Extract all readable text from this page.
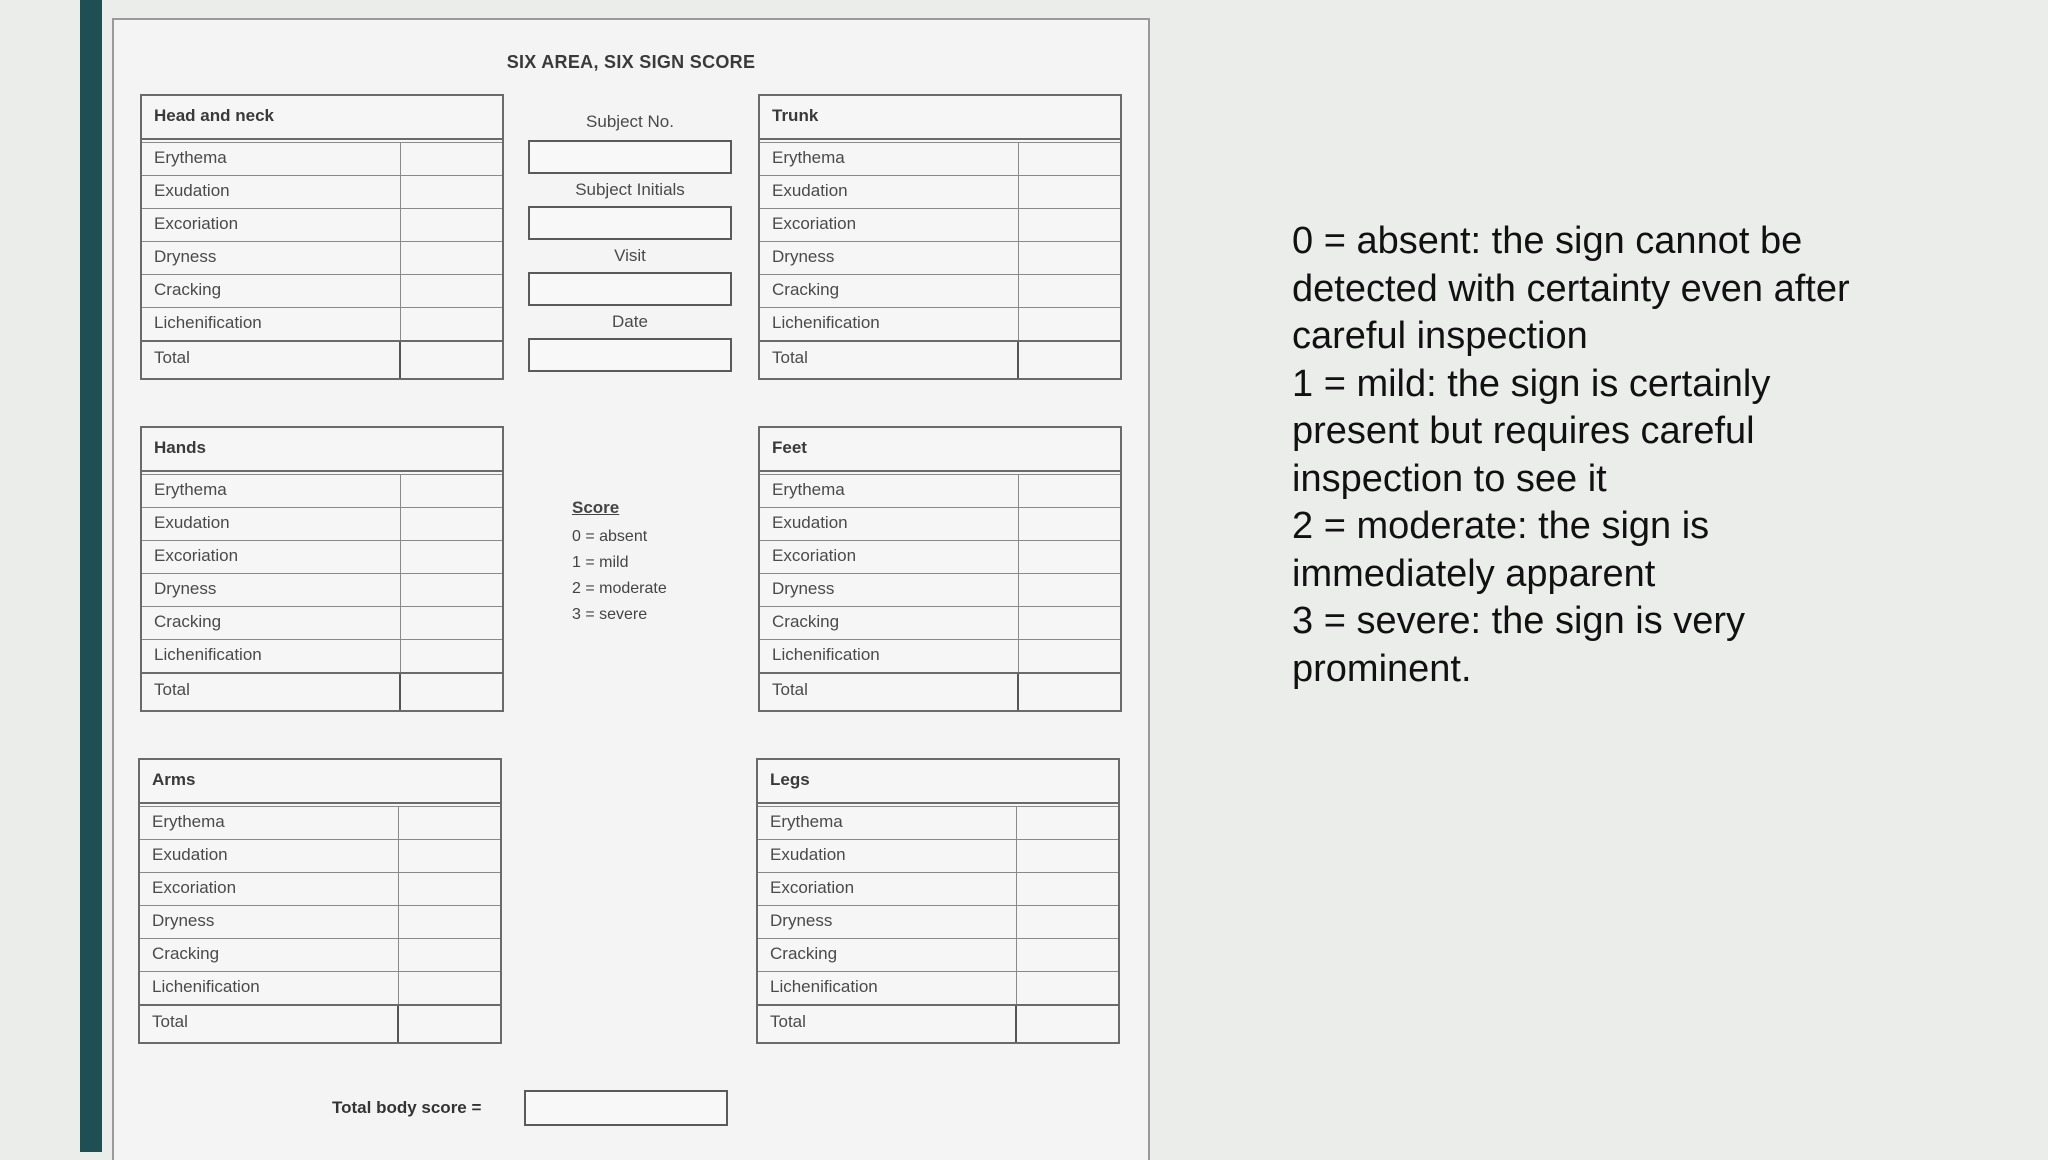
SIX AREA, SIX SIGN SCORE
Head and neck
Erythema
Exudation
Excoriation
Dryness
Cracking
Lichenification
Total
Trunk
Erythema
Exudation
Excoriation
Dryness
Cracking
Lichenification
Total
Subject No.
Subject Initials
Visit
Date
Hands
Erythema
Exudation
Excoriation
Dryness
Cracking
Lichenification
Total
Score
0 = absent
1 = mild
2 = moderate
3 = severe
Feet
Erythema
Exudation
Excoriation
Dryness
Cracking
Lichenification
Total
Arms
Erythema
Exudation
Excoriation
Dryness
Cracking
Lichenification
Total
Legs
Erythema
Exudation
Excoriation
Dryness
Cracking
Lichenification
Total
Total body score =

0 = absent: the sign cannot be detected with certainty even after careful inspection

1 = mild: the sign is certainly present but requires careful inspection to see it

2 = moderate: the sign is immediately apparent

3 = severe: the sign is very prominent.
